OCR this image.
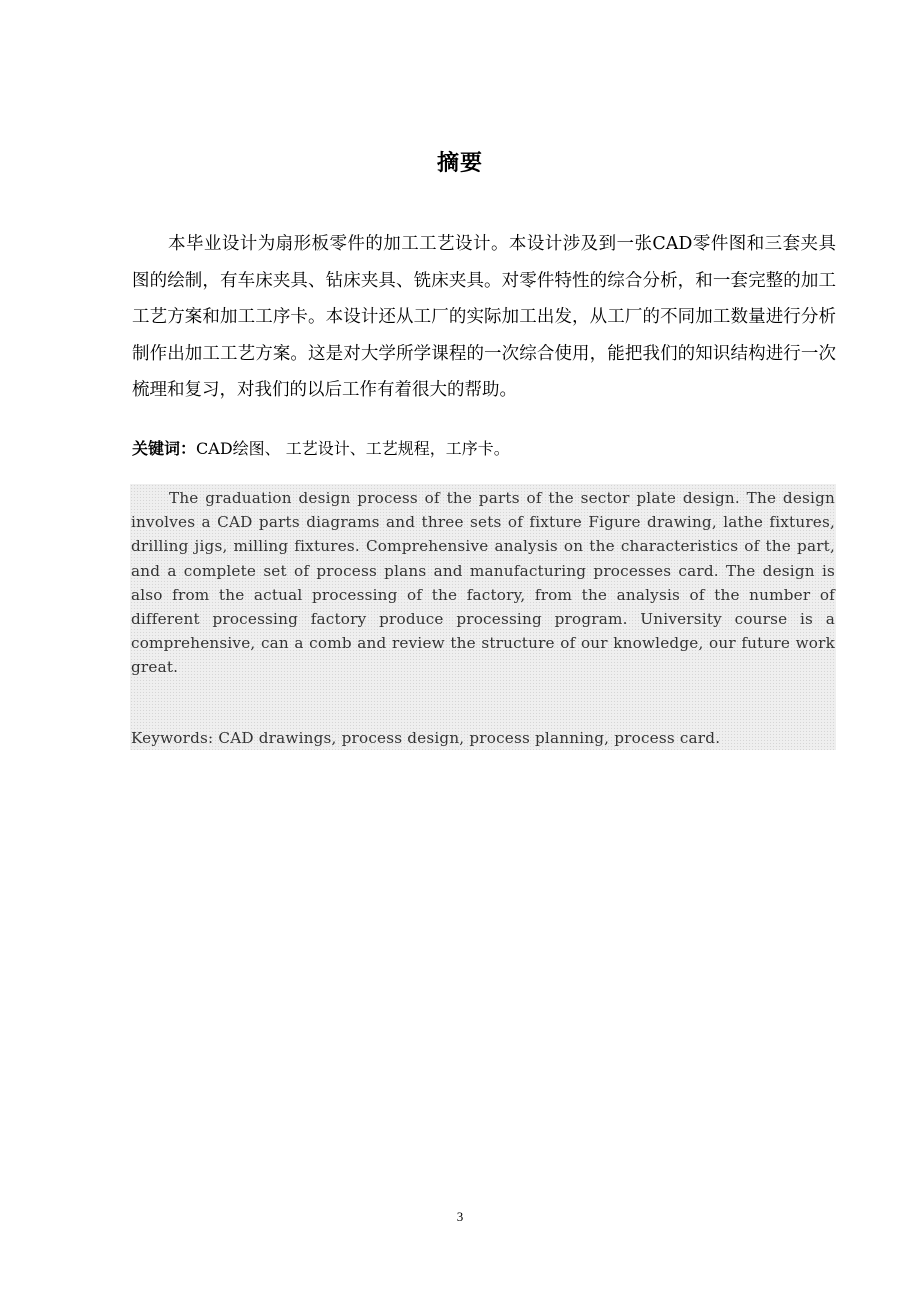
摘要

本毕业设计为扇形板零件的加工工艺设计。本设计涉及到一张CAD零件图和三套夹具图的绘制，有车床夹具、钻床夹具、铣床夹具。对零件特性的综合分析，和一套完整的加工工艺方案和加工工序卡。本设计还从工厂的实际加工出发，从工厂的不同加工数量进行分析制作出加工工艺方案。这是对大学所学课程的一次综合使用，能把我们的知识结构进行一次梳理和复习，对我们的以后工作有着很大的帮助。

关键词：CAD绘图、 工艺设计、工艺规程，工序卡。

The graduation design process of the parts of the sector plate design. The design involves a CAD parts diagrams and three sets of fixture Figure drawing, lathe fixtures, drilling jigs, milling fixtures. Comprehensive analysis on the characteristics of the part, and a complete set of process plans and manufacturing processes card. The design is also from the actual processing of the factory, from the analysis of the number of different processing factory produce processing program. University course is a comprehensive, can a comb and review the structure of our knowledge, our future work great.

Keywords: CAD drawings, process design, process planning, process card.

3
